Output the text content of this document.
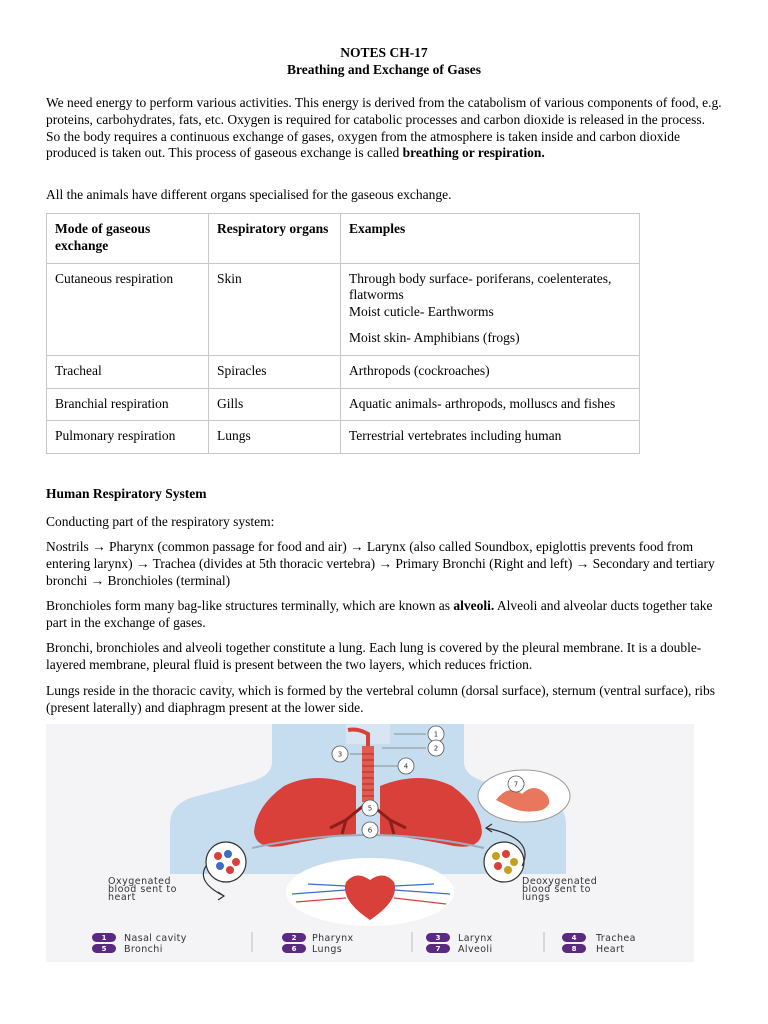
NOTES CH-17
Breathing and Exchange of Gases

We need energy to perform various activities. This energy is derived from the catabolism of various components of food, e.g. proteins, carbohydrates, fats, etc. Oxygen is required for catabolic processes and carbon dioxide is released in the process. So the body requires a continuous exchange of gases, oxygen from the atmosphere is taken inside and carbon dioxide produced is taken out. This process of gaseous exchange is called breathing or respiration.

All the animals have different organs specialised for the gaseous exchange.

Mode of gaseous exchange	Respiratory organs	Examples
Cutaneous respiration	Skin	Through body surface- poriferans, coelenterates, flatworms
Moist cuticle- Earthworms
Moist skin- Amphibians (frogs)

Tracheal	Spiracles	Arthropods (cockroaches)

Branchial respiration	Gills	Aquatic animals- arthropods, molluscs and fishes

Pulmonary respiration	Lungs	Terrestrial vertebrates including human
Human Respiratory System

Conducting part of the respiratory system:

Nostrils → Pharynx (common passage for food and air) → Larynx (also called Soundbox, epiglottis prevents food from entering larynx) → Trachea (divides at 5th thoracic vertebra) → Primary Bronchi (Right and left) → Secondary and tertiary bronchi → Bronchioles (terminal)

Bronchioles form many bag-like structures terminally, which are known as alveoli. Alveoli and alveolar ducts together take part in the exchange of gases.

Bronchi, bronchioles and alveoli together constitute a lung. Each lung is covered by the pleural membrane. It is a double-layered membrane, pleural fluid is present between the two layers, which reduces friction.

Lungs reside in the thoracic cavity, which is formed by the vertebral column (dorsal surface), sternum (ventral surface), ribs (present laterally) and diaphragm present at the lower side.

1
2
3
4
5
6
7
Oxygenated
blood sent to
heart
Deoxygenated
blood sent to
lungs
1	2	3	4
5	6	7	8
Nasal cavity	Pharynx	Larynx	Trachea
Bronchi	Lungs	Alveoli	Heart
